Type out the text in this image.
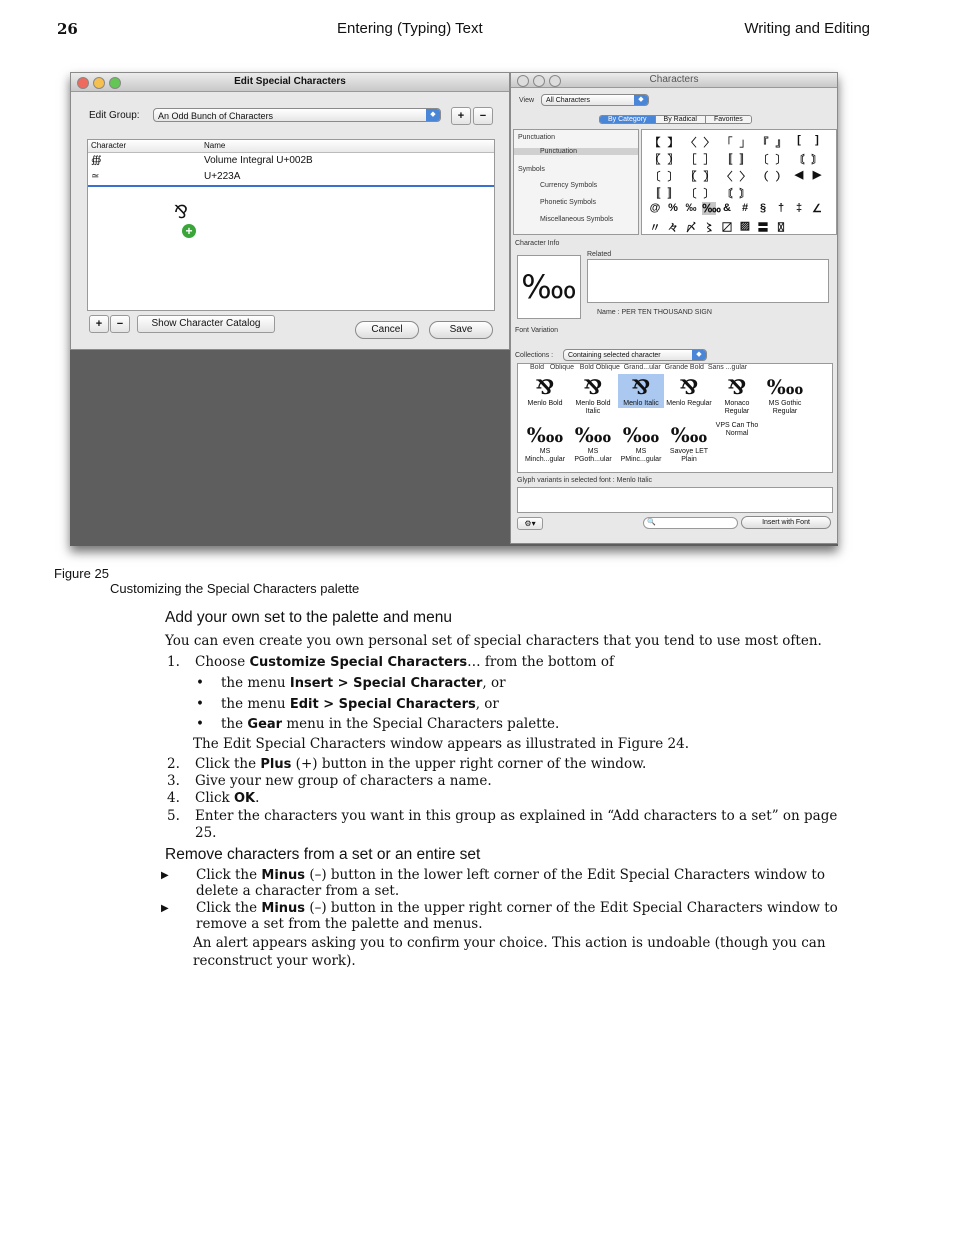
26	Entering (Typing) Text	Writing and Editing
Edit Special Characters
Edit Group:	An Odd Bunch of Characters	◆	+	−
Character	Name
∰	Volume Integral U+002B
≃	U+223A
⅋
+
+	−	Show Character Catalog
Cancel	Save
Characters
View	All Characters	◆
By Category	By Radical	Favorites
Punctuation
Punctuation
Symbols
Currency Symbols
Phonetic Symbols
Miscellaneous Symbols
【 】 〈 〉 「 」 『 』 [	]
〖 〗 ［ ］ 〚 〛 〔 〕 〘 〙
〔 〕 〖 〗 〈 〉 （ ） ◀ ▶
〚 〛 〔 〕 〘 〙
@ % ‰ ‱ & #	§	†	‡ ∠
〃 々 〆 〻 〼 ▨ 〓 〿
Character Info
‱
Related
Name : PER TEN THOUSAND SIGN
Font Variation
Collections :	Containing selected character	◆
Bold   Oblique   Bold Oblique  Grand...ular  Grande Bold  Sans ...gular
⅋
Menlo Bold
⅋
Menlo Bold Italic
⅋
Menlo Italic
⅋
Menlo Regular
⅋
Monaco Regular
‱
MS Gothic Regular
‱
MS Minch...gular
‱
MS PGoth...ular
‱
MS PMinc...gular
‱
Savoye LET Plain
VPS Can Tho Normal
Glyph variants in selected font : Menlo Italic
⚙▾	🔍	Insert with Font
Figure 25
Customizing the Special Characters palette
Add your own set to the palette and menu
You can even create you own personal set of special characters that you tend to use most often.
1. Choose Customize Special Characters… from the bottom of
• the menu Insert > Special Character, or
• the menu Edit > Special Characters, or
• the Gear menu in the Special Characters palette.
The Edit Special Characters window appears as illustrated in Figure 24.
2. Click the Plus (+) button in the upper right corner of the window.
3. Give your new group of characters a name.
4. Click OK.
5. Enter the characters you want in this group as explained in “Add characters to a set” on page
25.
Remove characters from a set or an entire set
▶ Click the Minus (–) button in the lower left corner of the Edit Special Characters window to
delete a character from a set.
▶ Click the Minus (–) button in the upper right corner of the Edit Special Characters window to
remove a set from the palette and menus.
An alert appears asking you to confirm your choice. This action is undoable (though you can
reconstruct your work).
